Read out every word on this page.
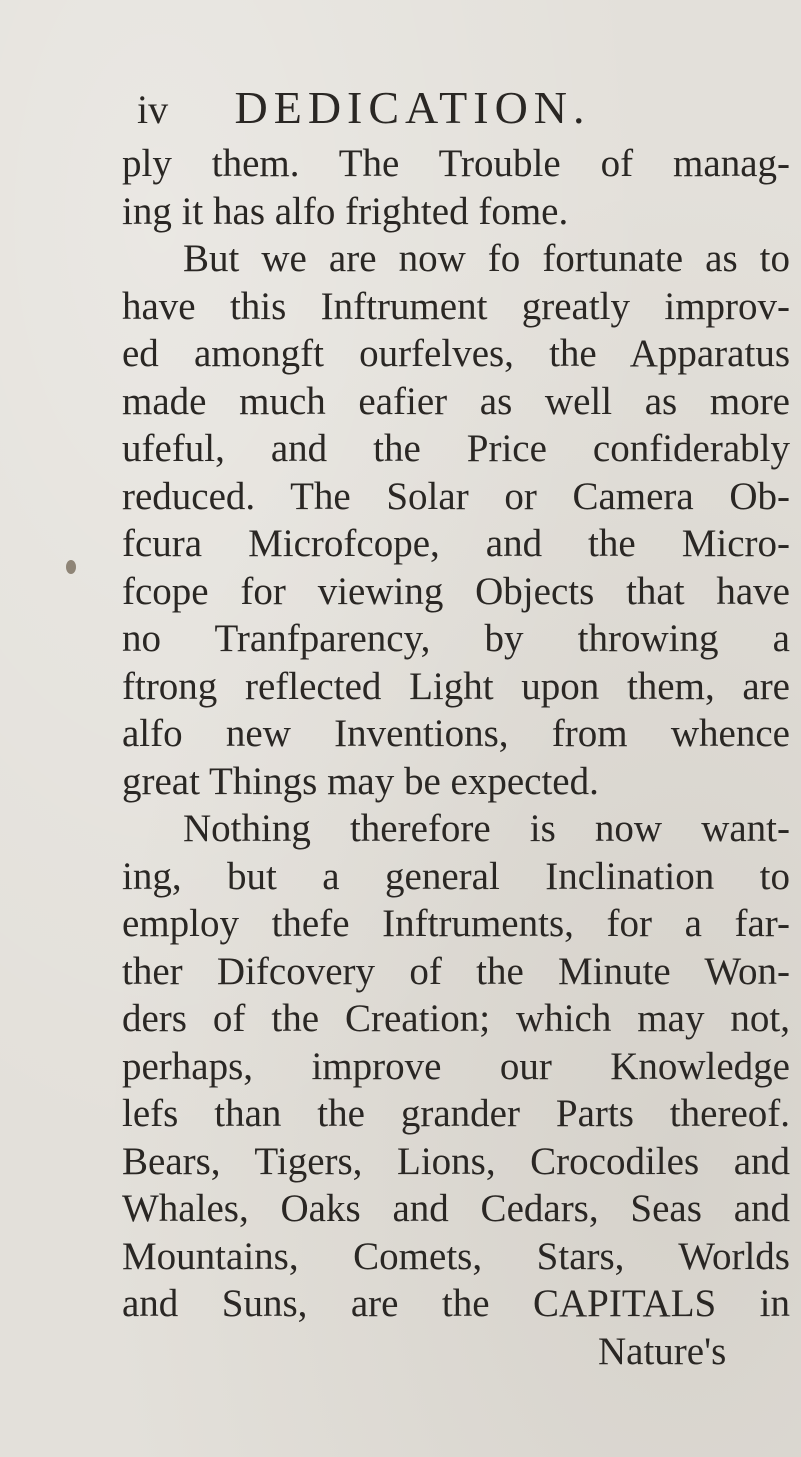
iv DEDICATION.
ply them. The Trouble of manag-
ing it has alfo frighted fome.
But we are now fo fortunate as to
have this Inftrument greatly improv-
ed amongft ourfelves, the Apparatus
made much eafier as well as more
ufeful, and the Price confiderably
reduced. The Solar or Camera Ob-
fcura Microfcope, and the Micro-
fcope for viewing Objects that have
no Tranfparency, by throwing a
ftrong reflected Light upon them, are
alfo new Inventions, from whence
great Things may be expected.
Nothing therefore is now want-
ing, but a general Inclination to
employ thefe Inftruments, for a far-
ther Difcovery of the Minute Won-
ders of the Creation; which may not,
perhaps, improve our Knowledge
lefs than the grander Parts thereof.
Bears, Tigers, Lions, Crocodiles and
Whales, Oaks and Cedars, Seas and
Mountains, Comets, Stars, Worlds
and Suns, are the CAPITALS in
Nature's
